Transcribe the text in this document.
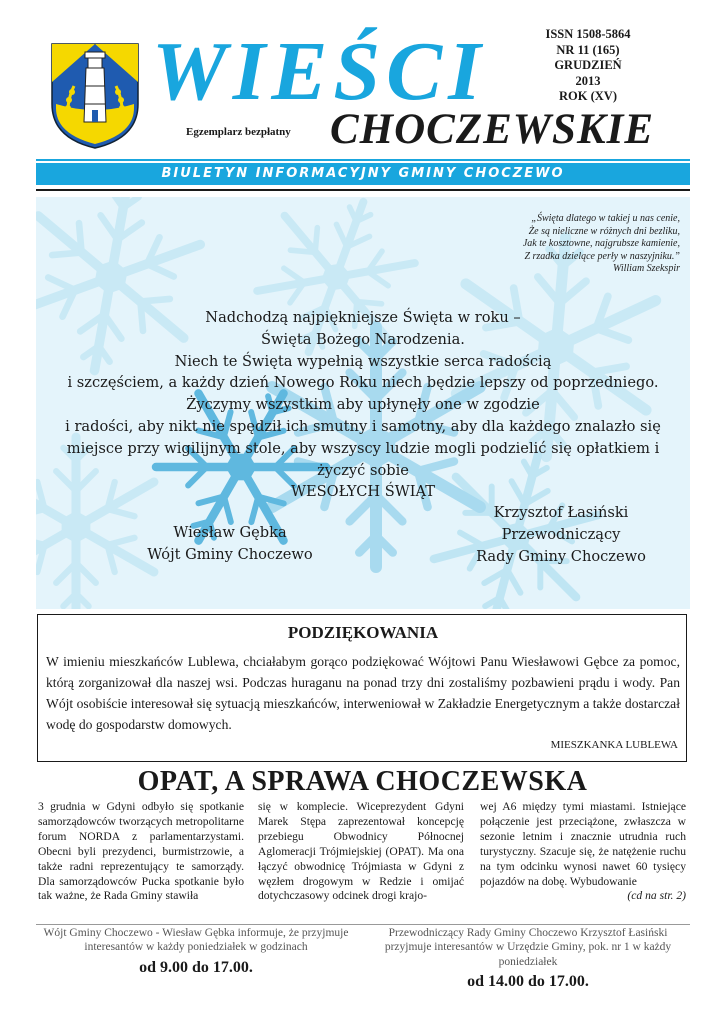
WIEŚCI
CHOCZEWSKIE
Egzemplarz bezpłatny
ISSN 1508-5864
NR 11 (165)
GRUDZIEŃ
2013
ROK (XV)
BIULETYN INFORMACYJNY GMINY CHOCZEWO
„Święta dlatego w takiej u nas cenie,
Że są nieliczne w różnych dni bezliku,
Jak te kosztowne, najgrubsze kamienie,
Z rzadka dzielące perły w naszyjniku.”
William Szekspir
Nadchodzą najpiękniejsze Święta w roku –
Święta Bożego Narodzenia.
Niech te Święta wypełnią wszystkie serca radością
i szczęściem, a każdy dzień Nowego Roku niech będzie lepszy od poprzedniego.
Życzymy wszystkim aby upłynęły one w zgodzie
i radości, aby nikt nie spędził ich smutny i samotny, aby dla każdego znalazło się
miejsce przy wigilijnym stole, aby wszyscy ludzie mogli podzielić się opłatkiem i
życzyć sobie
WESOŁYCH ŚWIĄT
Wiesław Gębka
Wójt Gminy Choczewo
Krzysztof Łasiński
Przewodniczący
Rady Gminy Choczewo
PODZIĘKOWANIA
W imieniu mieszkańców Lublewa, chciałabym gorąco podziękować Wójtowi Panu Wiesławowi Gębce za pomoc, którą zorganizował dla naszej wsi. Podczas huraganu na ponad trzy dni zostaliśmy pozbawieni prądu i wody. Pan Wójt osobiście interesował się sytuacją mieszkańców, interweniował w Zakładzie Energetycznym a także dostarczał wodę do gospodarstw domowych.
MIESZKANKA LUBLEWA
OPAT, A SPRAWA CHOCZEWSKA
3 grudnia w Gdyni odbyło się spotkanie samorządowców tworzących metropolitarne forum NORDA z parlamentarzystami. Obecni byli prezydenci, burmistrzowie, a także radni reprezentujący te samorządy. Dla samorządowców Pucka spotkanie było tak ważne, że Rada Gminy stawiła
się w komplecie. Wiceprezydent Gdyni Marek Stępa zaprezentował koncepcję przebiegu Obwodnicy Północnej Aglomeracji Trójmiejskiej (OPAT). Ma ona łączyć obwodnicę Trójmiasta w Gdyni z węzłem drogowym w Redzie i omijać dotychczasowy odcinek drogi krajo-
wej A6 między tymi miastami. Istniejące połączenie jest przeciążone, zwłaszcza w sezonie letnim i znacznie utrudnia ruch turystyczny. Szacuje się, że natężenie ruchu na tym odcinku wynosi nawet 60 tysięcy pojazdów na dobę. Wybudowanie
(cd na str. 2)
Wójt Gminy Choczewo - Wiesław Gębka informuje, że przyjmuje interesantów w każdy poniedziałek w godzinach
od 9.00 do 17.00.
Przewodniczący Rady Gminy Choczewo Krzysztof Łasiński przyjmuje interesantów w Urzędzie Gminy, pok. nr 1 w każdy poniedziałek
od 14.00 do 17.00.
